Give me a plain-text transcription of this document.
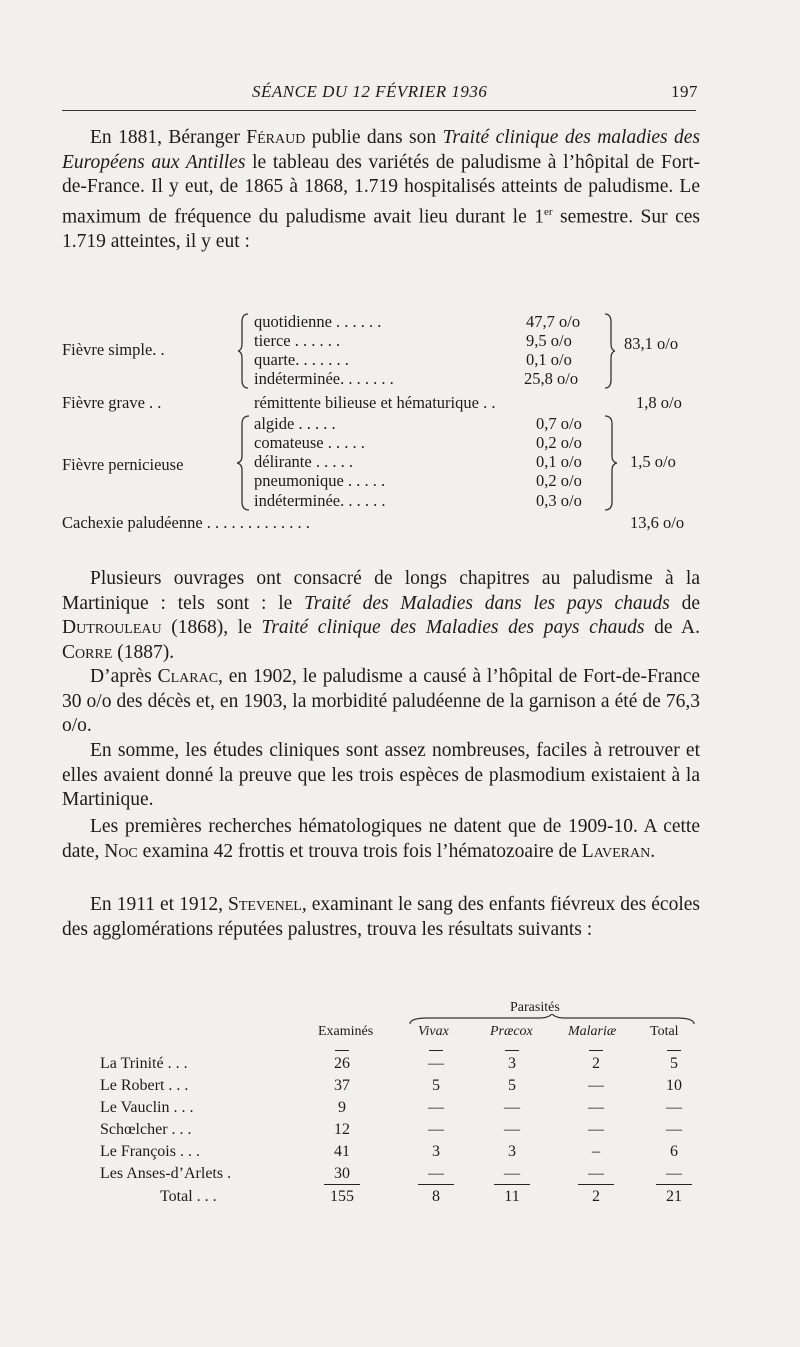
SÉANCE DU 12 FÉVRIER 1936	197

En 1881, Béranger Féraud publie dans son Traité clinique des maladies des Européens aux Antilles le tableau des variétés de paludisme à l’hôpital de Fort-de-France. Il y eut, de 1865 à 1868, 1.719 hospitalisés atteints de paludisme. Le maximum de fréquence du paludisme avait lieu durant le 1er semestre. Sur ces 1.719 atteintes, il y eut :

Fièvre simple. .
quotidienne . . . . . .	47,7 o/o
tierce . . . . . .	9,5 o/o
quarte. . . . . . .	0,1 o/o
indéterminée. . . . . . .	25,8 o/o
83,1 o/o
Fièvre grave . .	rémittente bilieuse et hématurique . .	1,8 o/o
Fièvre pernicieuse
algide . . . . .	0,7 o/o
comateuse . . . . .	0,2 o/o
délirante . . . . .	0,1 o/o
pneumonique . . . . .	0,2 o/o
indéterminée. . . . . .	0,3 o/o
1,5 o/o
Cachexie paludéenne . . . . . . . . . . . . .	13,6 o/o

Plusieurs ouvrages ont consacré de longs chapitres au paludisme à la Martinique : tels sont : le Traité des Maladies dans les pays chauds de Dutrouleau (1868), le Traité clinique des Maladies des pays chauds de A. Corre (1887).

D’après Clarac, en 1902, le paludisme a causé à l’hôpital de Fort-de-France 30 o/o des décès et, en 1903, la morbidité paludéenne de la garnison a été de 76,3 o/o.

En somme, les études cliniques sont assez nombreuses, faciles à retrouver et elles avaient donné la preuve que les trois espèces de plasmodium existaient à la Martinique.

Les premières recherches hématologiques ne datent que de 1909-10. A cette date, Noc examina 42 frottis et trouva trois fois l’hématozoaire de Laveran.

En 1911 et 1912, Stevenel, examinant le sang des enfants fiévreux des écoles des agglomérations réputées palustres, trouva les résultats suivants :

Parasités
Examinés	Vivax	Præcox	Malariæ Total
La Trinité . . .	26	—	3	2	5
Le Robert . . .	37	5	5	—	10
Le Vauclin . . .	9	—	—	—	—
Schœlcher . . .	12	—	—	—	—
Le François . . .	41	3	3	–	6
Les Anses-d’Arlets .	30	—	—	—	—
Total . . .	155	8	11	2	21
